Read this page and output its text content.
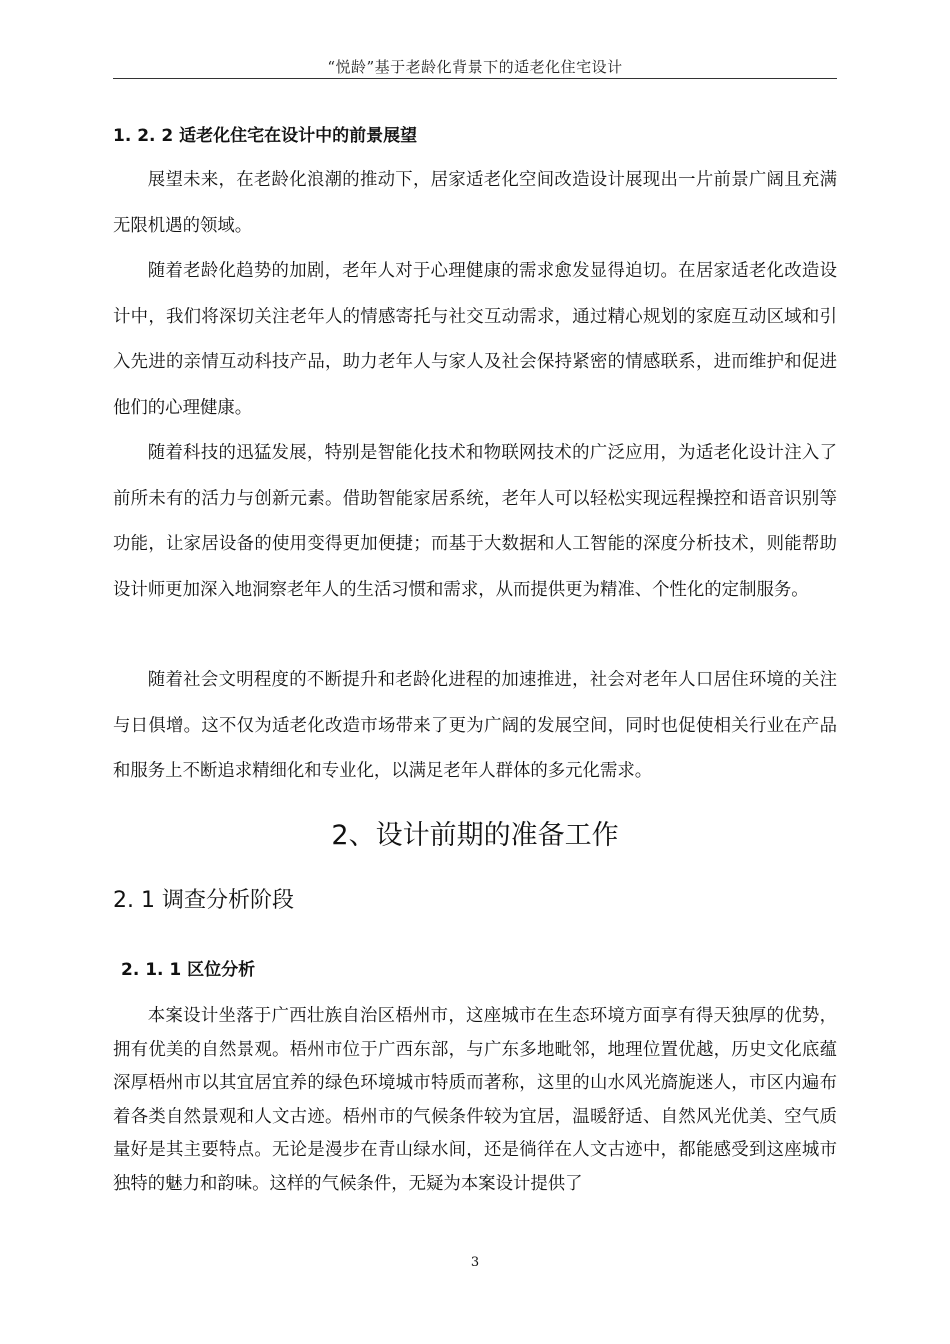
“悦龄”基于老龄化背景下的适老化住宅设计
1. 2. 2 适老化住宅在设计中的前景展望

展望未来，在老龄化浪潮的推动下，居家适老化空间改造设计展现出一片前景广阔且充满无限机遇的领域。

随着老龄化趋势的加剧，老年人对于心理健康的需求愈发显得迫切。在居家适老化改造设计中，我们将深切关注老年人的情感寄托与社交互动需求，通过精心规划的家庭互动区域和引入先进的亲情互动科技产品，助力老年人与家人及社会保持紧密的情感联系，进而维护和促进他们的心理健康。

随着科技的迅猛发展，特别是智能化技术和物联网技术的广泛应用，为适老化设计注入了前所未有的活力与创新元素。借助智能家居系统，老年人可以轻松实现远程操控和语音识别等功能，让家居设备的使用变得更加便捷；而基于大数据和人工智能的深度分析技术，则能帮助设计师更加深入地洞察老年人的生活习惯和需求，从而提供更为精准、个性化的定制服务。

随着社会文明程度的不断提升和老龄化进程的加速推进，社会对老年人口居住环境的关注与日俱增。这不仅为适老化改造市场带来了更为广阔的发展空间，同时也促使相关行业在产品和服务上不断追求精细化和专业化，以满足老年人群体的多元化需求。

2、设计前期的准备工作
2. 1 调查分析阶段
2. 1. 1 区位分析

本案设计坐落于广西壮族自治区梧州市，这座城市在生态环境方面享有得天独厚的优势，拥有优美的自然景观。梧州市位于广西东部，与广东多地毗邻，地理位置优越，历史文化底蕴深厚梧州市以其宜居宜养的绿色环境城市特质而著称，这里的山水风光旖旎迷人，市区内遍布着各类自然景观和人文古迹。梧州市的气候条件较为宜居，温暖舒适、自然风光优美、空气质量好是其主要特点。无论是漫步在青山绿水间，还是徜徉在人文古迹中，都能感受到这座城市独特的魅力和韵味。这样的气候条件，无疑为本案设计提供了

3
